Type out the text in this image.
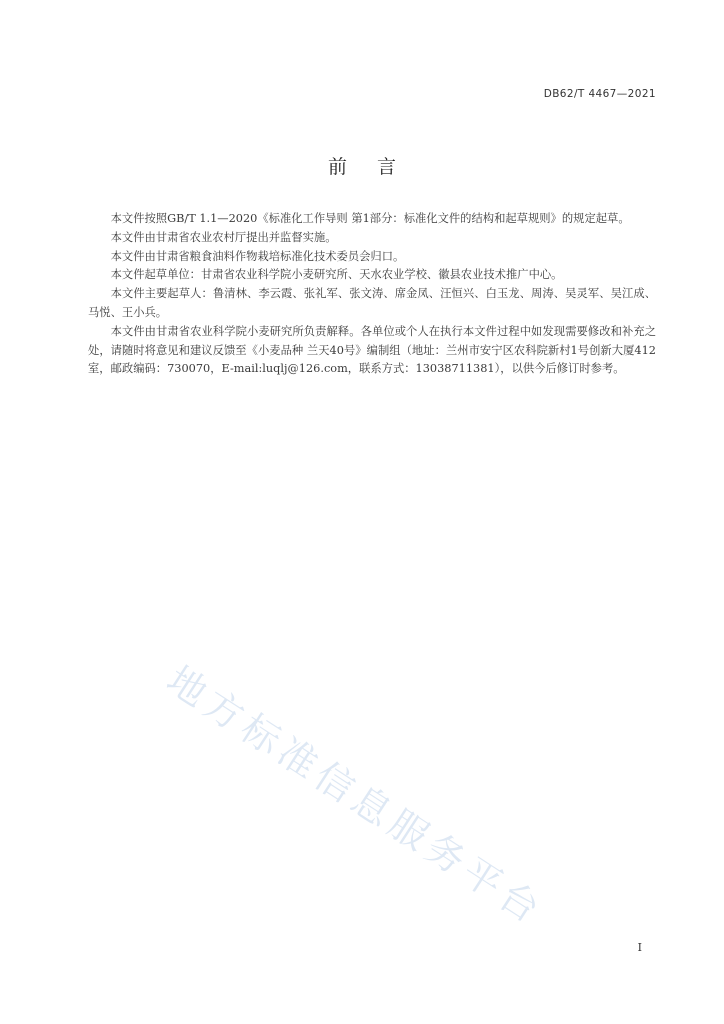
DB62/T 4467—2021
前言

本文件按照GB/T 1.1—2020《标准化工作导则 第1部分：标准化文件的结构和起草规则》的规定起草。

本文件由甘肃省农业农村厅提出并监督实施。

本文件由甘肃省粮食油料作物栽培标准化技术委员会归口。

本文件起草单位：甘肃省农业科学院小麦研究所、天水农业学校、徽县农业技术推广中心。

本文件主要起草人：鲁清林、李云霞、张礼军、张文涛、席金凤、汪恒兴、白玉龙、周涛、吴灵军、吴江成、马悦、王小兵。

本文件由甘肃省农业科学院小麦研究所负责解释。各单位或个人在执行本文件过程中如发现需要修改和补充之处，请随时将意见和建议反馈至《小麦品种 兰天40号》编制组（地址：兰州市安宁区农科院新村1号创新大厦412室，邮政编码：730070，E-mail:luqlj@126.com，联系方式：13038711381），以供今后修订时参考。

地方标准信息服务平台
I
